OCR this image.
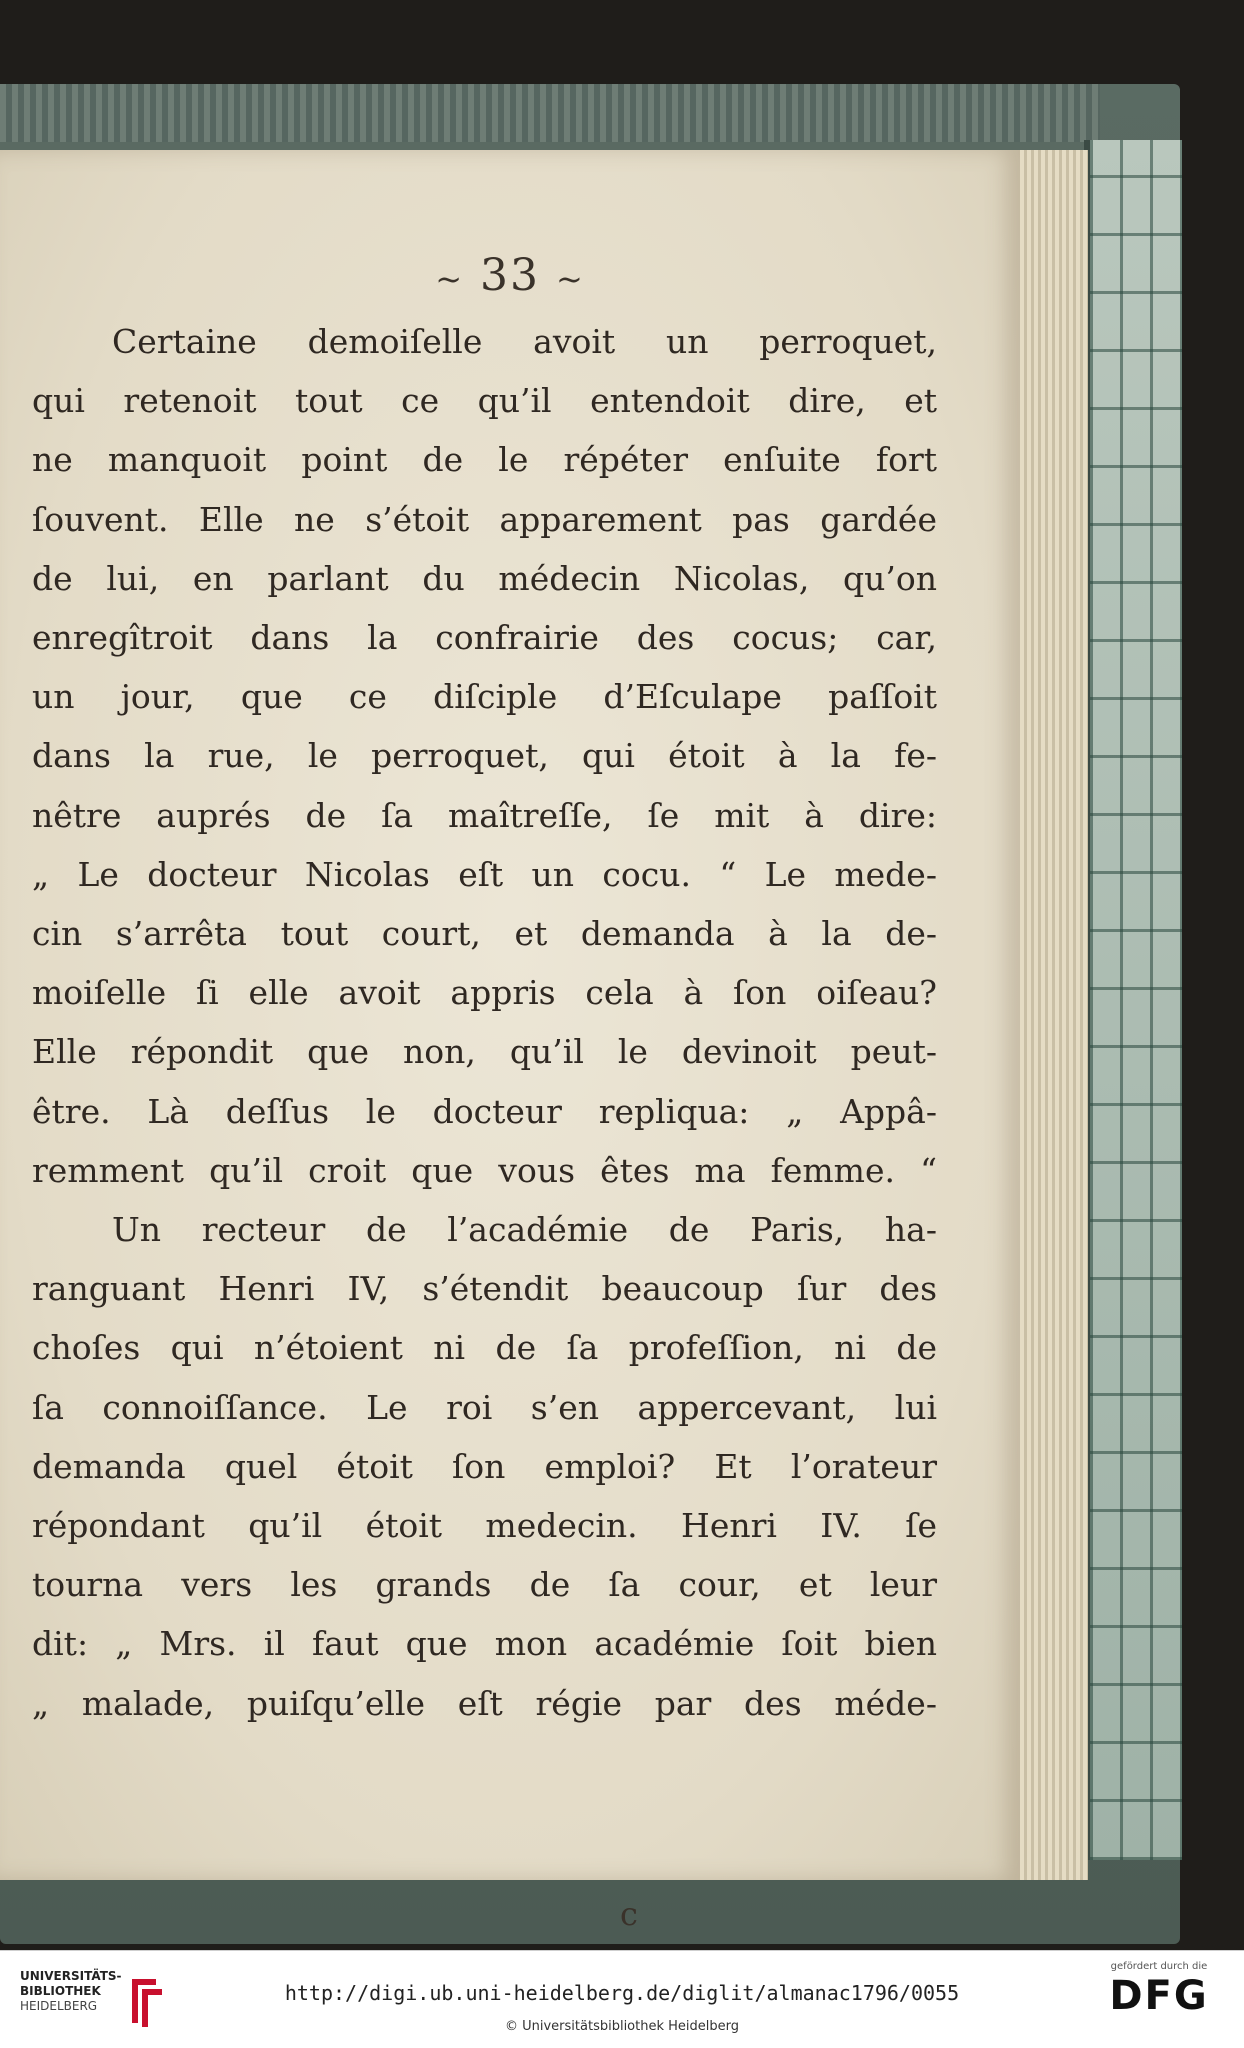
~ 33 ~

Certaine demoiſelle avoit un perroquet,

qui retenoit tout ce qu’il entendoit dire, et

ne manquoit point de le répéter enſuite fort

ſouvent. Elle ne s’étoit apparement pas gardée

de lui, en parlant du médecin Nicolas, qu’on

enregîtroit dans la confrairie des cocus; car,

un jour, que ce diſciple d’Eſculape paſſoit

dans la rue, le perroquet, qui étoit à la fe-

nêtre auprés de ſa maîtreſſe, ſe mit à dire:

„ Le docteur Nicolas eſt un cocu. “ Le mede-

cin s’arrêta tout court, et demanda à la de-

moiſelle ſi elle avoit appris cela à ſon oiſeau?

Elle répondit que non, qu’il le devinoit peut-

être. Là deſſus le docteur repliqua: „ Appâ-

remment qu’il croit que vous êtes ma femme. “

Un recteur de l’académie de Paris, ha-

ranguant Henri IV, s’étendit beaucoup ſur des

choſes qui n’étoient ni de ſa profeſſion, ni de

ſa connoiſſance. Le roi s’en appercevant, lui

demanda quel étoit ſon emploi? Et l’orateur

répondant qu’il étoit medecin. Henri IV. ſe

tourna vers les grands de ſa cour, et leur

dit: „ Mrs. il faut que mon académie ſoit bien

„ malade, puiſqu’elle eſt régie par des méde-

c
UNIVERSITÄTS-
BIBLIOTHEK
HEIDELBERG
http://digi.ub.uni-heidelberg.de/diglit/almanac1796/0055
© Universitätsbibliothek Heidelberg
gefördert durch die
DFG
